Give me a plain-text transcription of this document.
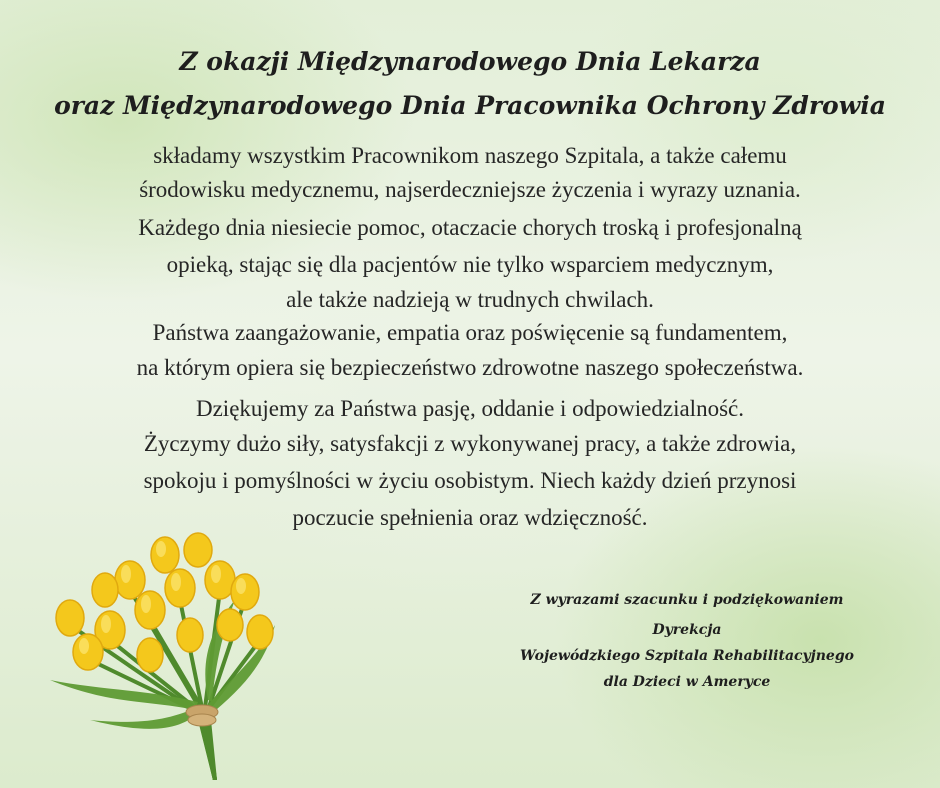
Z okazji Międzynarodowego Dnia Lekarza
oraz Międzynarodowego Dnia Pracownika Ochrony Zdrowia

składamy wszystkim Pracownikom naszego Szpitala, a także całemu

środowisku medycznemu, najserdeczniejsze życzenia i wyrazy uznania.

Każdego dnia niesiecie pomoc, otaczacie chorych troską i profesjonalną

opieką, stając się dla pacjentów nie tylko wsparciem medycznym,

ale także nadzieją w trudnych chwilach.

Państwa zaangażowanie, empatia oraz poświęcenie są fundamentem,

na którym opiera się bezpieczeństwo zdrowotne naszego społeczeństwa.

Dziękujemy za Państwa pasję, oddanie i odpowiedzialność.

Życzymy dużo siły, satysfakcji z wykonywanej pracy, a także zdrowia,

spokoju i pomyślności w życiu osobistym. Niech każdy dzień przynosi

poczucie spełnienia oraz wdzięczność.

Z wyrazami szacunku i podziękowaniem

Dyrekcja

Wojewódzkiego Szpitala Rehabilitacyjnego

dla Dzieci w Ameryce
